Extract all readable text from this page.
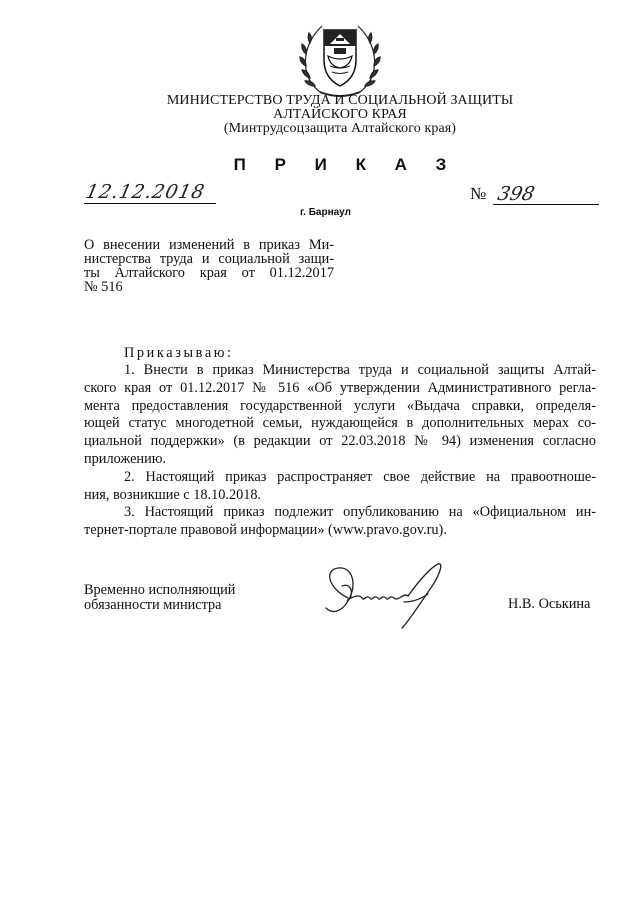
МИНИСТЕРСТВО ТРУДА И СОЦИАЛЬНОЙ ЗАЩИТЫ
АЛТАЙСКОГО КРАЯ
(Минтрудсоцзащита Алтайского края)
П Р И К А З
12.12.2018	№ 398
г. Барнаул
О внесении изменений в приказ Ми-
нистерства труда и социальной защи-
ты Алтайского края от 01.12.2017
№ 516
Приказываю:
1. Внести в приказ Министерства труда и социальной защиты Алтай-
ского края от 01.12.2017 № 516 «Об утверждении Административного регла-
мента предоставления государственной услуги «Выдача справки, определя-
ющей статус многодетной семьи, нуждающейся в дополнительных мерах со-
циальной поддержки» (в редакции от 22.03.2018 № 94) изменения согласно
приложению.
2. Настоящий приказ распространяет свое действие на правоотноше-
ния, возникшие с 18.10.2018.
3. Настоящий приказ подлежит опубликованию на «Официальном ин-
тернет-портале правовой информации» (www.pravo.gov.ru).
Временно исполняющий
обязанности министра	Н.В. Оськина
